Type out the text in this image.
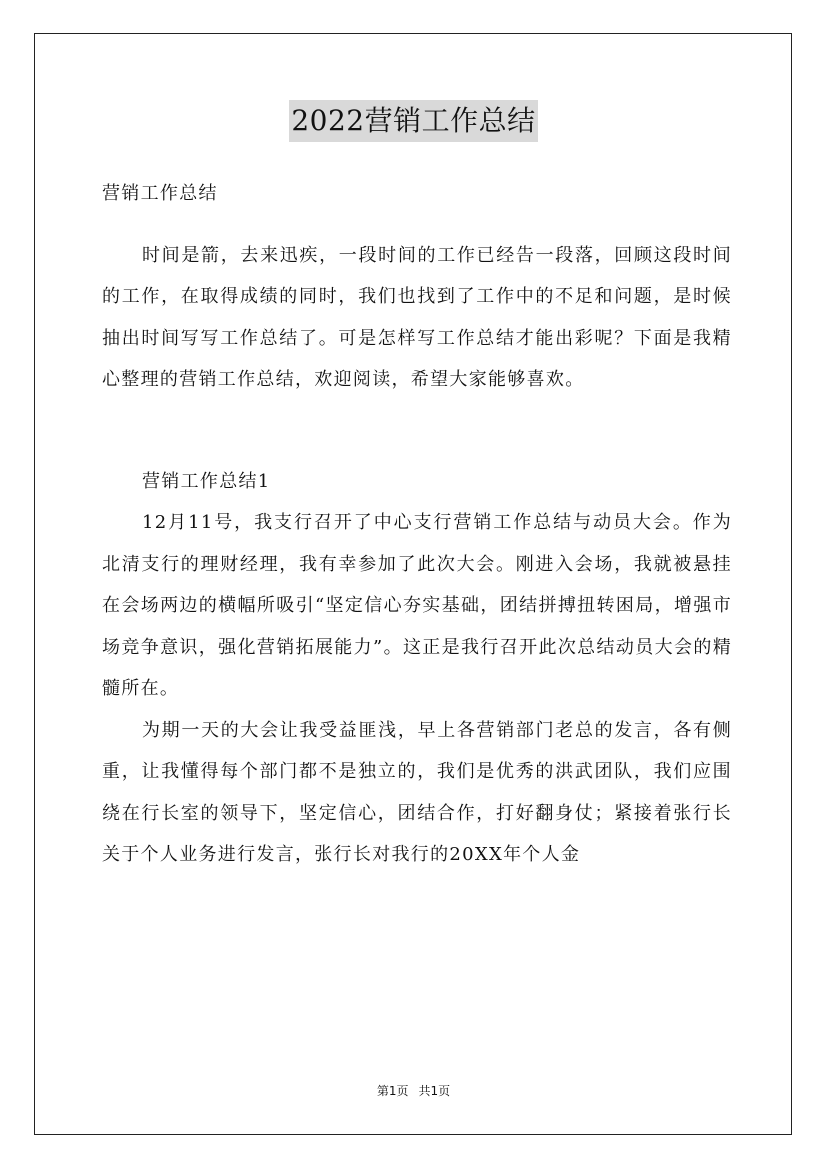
2022营销工作总结

营销工作总结

时间是箭，去来迅疾，一段时间的工作已经告一段落，回顾这段时间的工作，在取得成绩的同时，我们也找到了工作中的不足和问题，是时候抽出时间写写工作总结了。可是怎样写工作总结才能出彩呢？下面是我精心整理的营销工作总结，欢迎阅读，希望大家能够喜欢。

营销工作总结1

12月11号，我支行召开了中心支行营销工作总结与动员大会。作为北清支行的理财经理，我有幸参加了此次大会。刚进入会场，我就被悬挂在会场两边的横幅所吸引“坚定信心夯实基础，团结拼搏扭转困局，增强市场竞争意识，强化营销拓展能力”。这正是我行召开此次总结动员大会的精髓所在。

为期一天的大会让我受益匪浅，早上各营销部门老总的发言，各有侧重，让我懂得每个部门都不是独立的，我们是优秀的洪武团队，我们应围绕在行长室的领导下，坚定信心，团结合作，打好翻身仗；紧接着张行长关于个人业务进行发言，张行长对我行的20XX年个人金

第1页 共1页
